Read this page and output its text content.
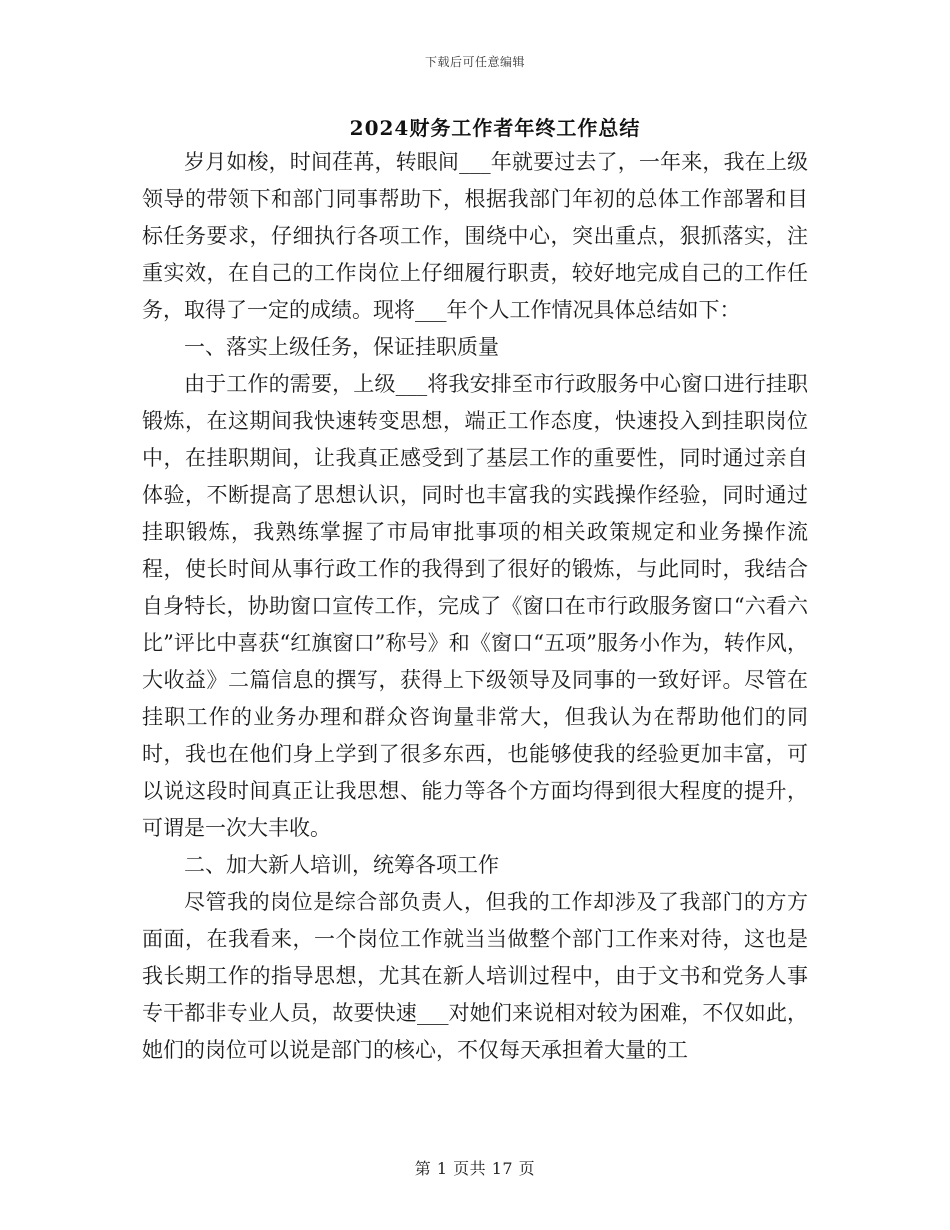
下载后可任意编辑
2024财务工作者年终工作总结

岁月如梭，时间荏苒，转眼间___年就要过去了，一年来，我在上级领导的带领下和部门同事帮助下，根据我部门年初的总体工作部署和目标任务要求，仔细执行各项工作，围绕中心，突出重点，狠抓落实，注重实效，在自己的工作岗位上仔细履行职责，较好地完成自己的工作任务，取得了一定的成绩。现将___年个人工作情况具体总结如下：

一、落实上级任务，保证挂职质量

由于工作的需要，上级___将我安排至市行政服务中心窗口进行挂职锻炼，在这期间我快速转变思想，端正工作态度，快速投入到挂职岗位中，在挂职期间，让我真正感受到了基层工作的重要性，同时通过亲自体验，不断提高了思想认识，同时也丰富我的实践操作经验，同时通过挂职锻炼，我熟练掌握了市局审批事项的相关政策规定和业务操作流程，使长时间从事行政工作的我得到了很好的锻炼，与此同时，我结合自身特长，协助窗口宣传工作，完成了《窗口在市行政服务窗口“六看六比”评比中喜获“红旗窗口”称号》和《窗口“五项”服务小作为，转作风，大收益》二篇信息的撰写，获得上下级领导及同事的一致好评。尽管在挂职工作的业务办理和群众咨询量非常大，但我认为在帮助他们的同时，我也在他们身上学到了很多东西，也能够使我的经验更加丰富，可以说这段时间真正让我思想、能力等各个方面均得到很大程度的提升，可谓是一次大丰收。

二、加大新人培训，统筹各项工作

尽管我的岗位是综合部负责人，但我的工作却涉及了我部门的方方面面，在我看来，一个岗位工作就当当做整个部门工作来对待，这也是我长期工作的指导思想，尤其在新人培训过程中，由于文书和党务人事专干都非专业人员，故要快速___对她们来说相对较为困难，不仅如此，她们的岗位可以说是部门的核心，不仅每天承担着大量的工

第 1 页共 17 页
